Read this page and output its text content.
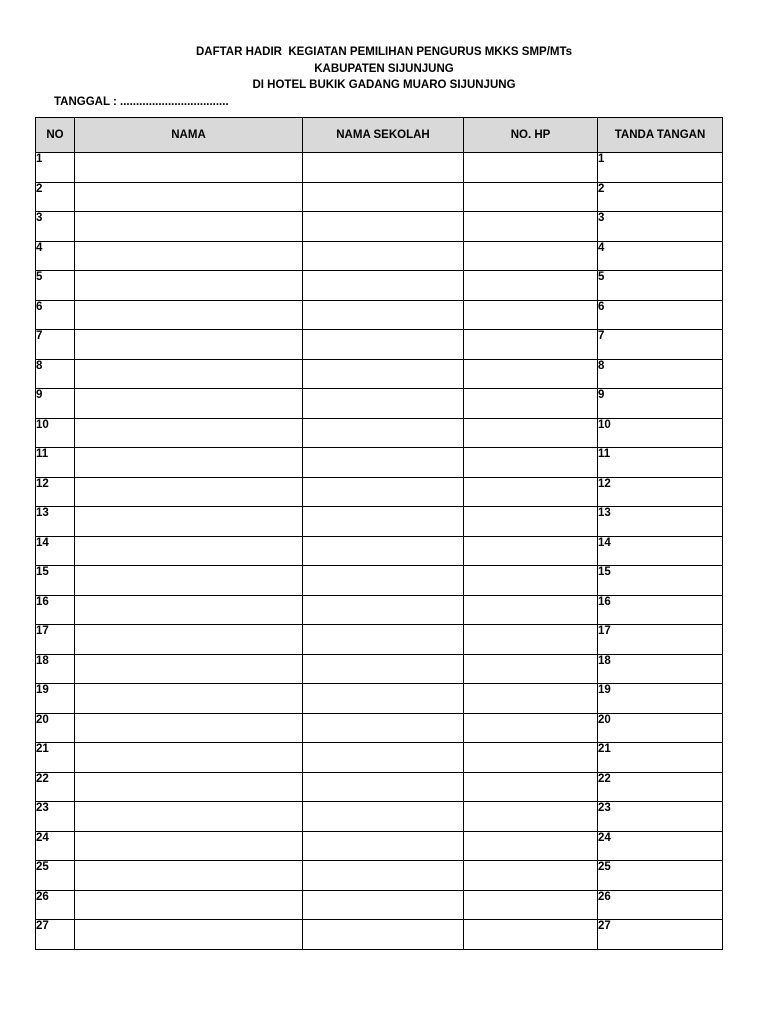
DAFTAR HADIR  KEGIATAN PEMILIHAN PENGURUS MKKS SMP/MTs
KABUPATEN SIJUNJUNG
DI HOTEL BUKIK GADANG MUARO SIJUNJUNG
TANGGAL : ..................................
NO	NAMA	NAMA SEKOLAH	NO. HP	TANDA TANGAN
1				1
2				2
3				3
4				4
5				5
6				6
7				7
8				8
9				9
10				10
11				11
12				12
13				13
14				14
15				15
16				16
17				17
18				18
19				19
20				20
21				21
22				22
23				23
24				24
25				25
26				26
27				27
